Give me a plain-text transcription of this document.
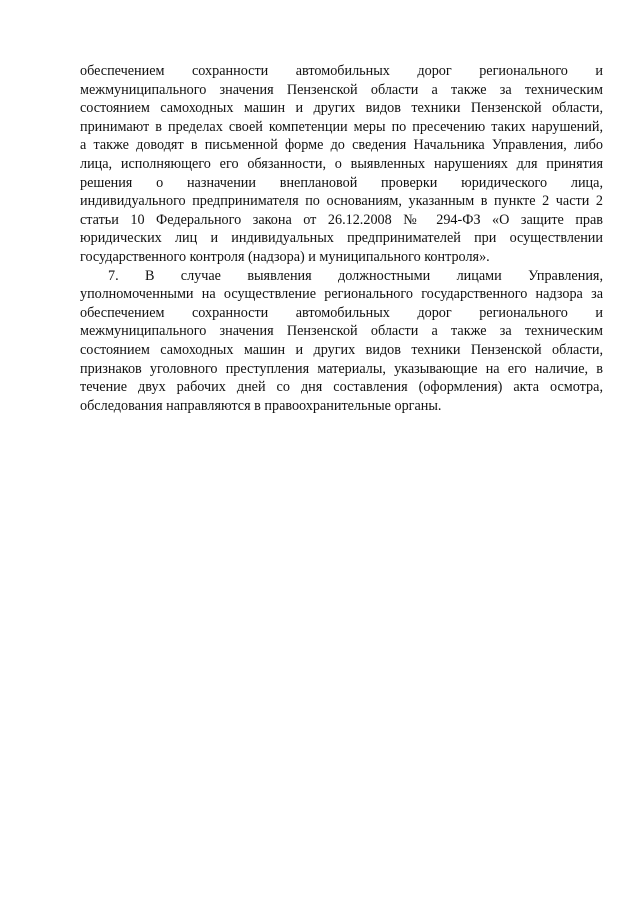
обеспечением сохранности автомобильных дорог регионального и
межмуниципального значения Пензенской области а также за техническим
состоянием самоходных машин и других видов техники Пензенской области,
принимают в пределах своей компетенции меры по пресечению таких нарушений,
а также доводят в письменной форме до сведения Начальника Управления, либо
лица, исполняющего его обязанности, о выявленных нарушениях для принятия
решения о назначении внеплановой проверки юридического лица,
индивидуального предпринимателя по основаниям, указанным в пункте 2 части 2
статьи 10 Федерального закона от 26.12.2008 № 294-ФЗ «О защите прав
юридических лиц и индивидуальных предпринимателей при осуществлении
государственного контроля (надзора) и муниципального контроля».
7. В случае выявления должностными лицами Управления,
уполномоченными на осуществление регионального государственного надзора за
обеспечением сохранности автомобильных дорог регионального и
межмуниципального значения Пензенской области а также за техническим
состоянием самоходных машин и других видов техники Пензенской области,
признаков уголовного преступления материалы, указывающие на его наличие, в
течение двух рабочих дней со дня составления (оформления) акта осмотра,
обследования направляются в правоохранительные органы.
